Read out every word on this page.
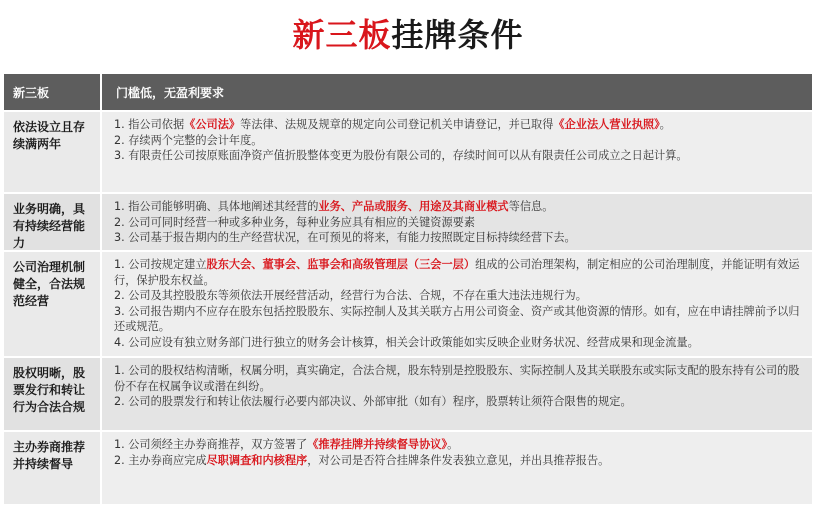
新三板挂牌条件
新三板	门槛低，无盈利要求
依法设立且存续满两年
1. 指公司依据《公司法》等法律、法规及规章的规定向公司登记机关申请登记，并已取得《企业法人营业执照》。
2. 存续两个完整的会计年度。
3. 有限责任公司按原账面净资产值折股整体变更为股份有限公司的，存续时间可以从有限责任公司成立之日起计算。
业务明确，具有持续经营能力
1. 指公司能够明确、具体地阐述其经营的业务、产品或服务、用途及其商业模式等信息。
2. 公司可同时经营一种或多种业务，每种业务应具有相应的关键资源要素
3. 公司基于报告期内的生产经营状况，在可预见的将来，有能力按照既定目标持续经营下去。
公司治理机制健全，合法规范经营
1. 公司按规定建立股东大会、董事会、监事会和高级管理层（三会一层）组成的公司治理架构，制定相应的公司治理制度，并能证明有效运行，保护股东权益。
2. 公司及其控股股东等须依法开展经营活动，经营行为合法、合规，不存在重大违法违规行为。
3. 公司报告期内不应存在股东包括控股股东、实际控制人及其关联方占用公司资金、资产或其他资源的情形。如有，应在申请挂牌前予以归还或规范。
4. 公司应设有独立财务部门进行独立的财务会计核算，相关会计政策能如实反映企业财务状况、经营成果和现金流量。
股权明晰，股票发行和转让行为合法合规
1. 公司的股权结构清晰，权属分明，真实确定，合法合规，股东特别是控股股东、实际控制人及其关联股东或实际支配的股东持有公司的股份不存在权属争议或潜在纠纷。
2. 公司的股票发行和转让依法履行必要内部决议、外部审批（如有）程序，股票转让须符合限售的规定。
主办券商推荐并持续督导
1. 公司须经主办券商推荐，双方签署了《推荐挂牌并持续督导协议》。
2. 主办券商应完成尽职调查和内核程序，对公司是否符合挂牌条件发表独立意见，并出具推荐报告。
